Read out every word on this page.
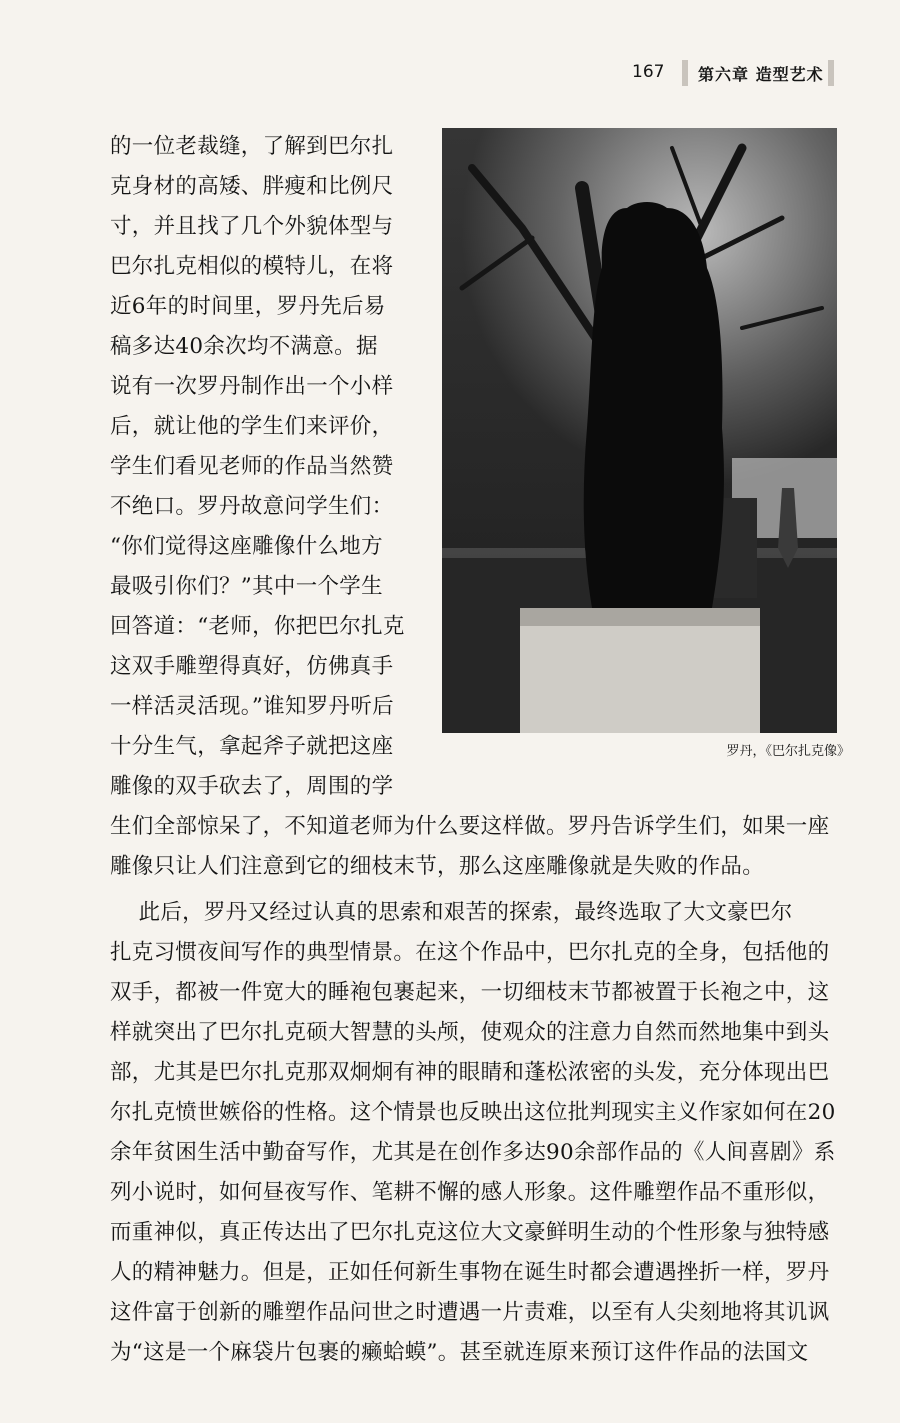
167 第六章 造型艺术
罗丹，《巴尔扎克像》
的一位老裁缝，了解到巴尔扎
克身材的高矮、胖瘦和比例尺
寸，并且找了几个外貌体型与
巴尔扎克相似的模特儿，在将
近6年的时间里，罗丹先后易
稿多达40余次均不满意。据
说有一次罗丹制作出一个小样
后，就让他的学生们来评价，
学生们看见老师的作品当然赞
不绝口。罗丹故意问学生们：
“你们觉得这座雕像什么地方
最吸引你们？”其中一个学生
回答道：“老师，你把巴尔扎克
这双手雕塑得真好，仿佛真手
一样活灵活现。”谁知罗丹听后
十分生气，拿起斧子就把这座
雕像的双手砍去了，周围的学
生们全部惊呆了，不知道老师为什么要这样做。罗丹告诉学生们，如果一座
雕像只让人们注意到它的细枝末节，那么这座雕像就是失败的作品。
此后，罗丹又经过认真的思索和艰苦的探索，最终选取了大文豪巴尔
扎克习惯夜间写作的典型情景。在这个作品中，巴尔扎克的全身，包括他的
双手，都被一件宽大的睡袍包裹起来，一切细枝末节都被置于长袍之中，这
样就突出了巴尔扎克硕大智慧的头颅，使观众的注意力自然而然地集中到头
部，尤其是巴尔扎克那双炯炯有神的眼睛和蓬松浓密的头发，充分体现出巴
尔扎克愤世嫉俗的性格。这个情景也反映出这位批判现实主义作家如何在20
余年贫困生活中勤奋写作，尤其是在创作多达90余部作品的《人间喜剧》系
列小说时，如何昼夜写作、笔耕不懈的感人形象。这件雕塑作品不重形似，
而重神似，真正传达出了巴尔扎克这位大文豪鲜明生动的个性形象与独特感
人的精神魅力。但是，正如任何新生事物在诞生时都会遭遇挫折一样，罗丹
这件富于创新的雕塑作品问世之时遭遇一片责难，以至有人尖刻地将其讥讽
为“这是一个麻袋片包裹的癞蛤蟆”。甚至就连原来预订这件作品的法国文
